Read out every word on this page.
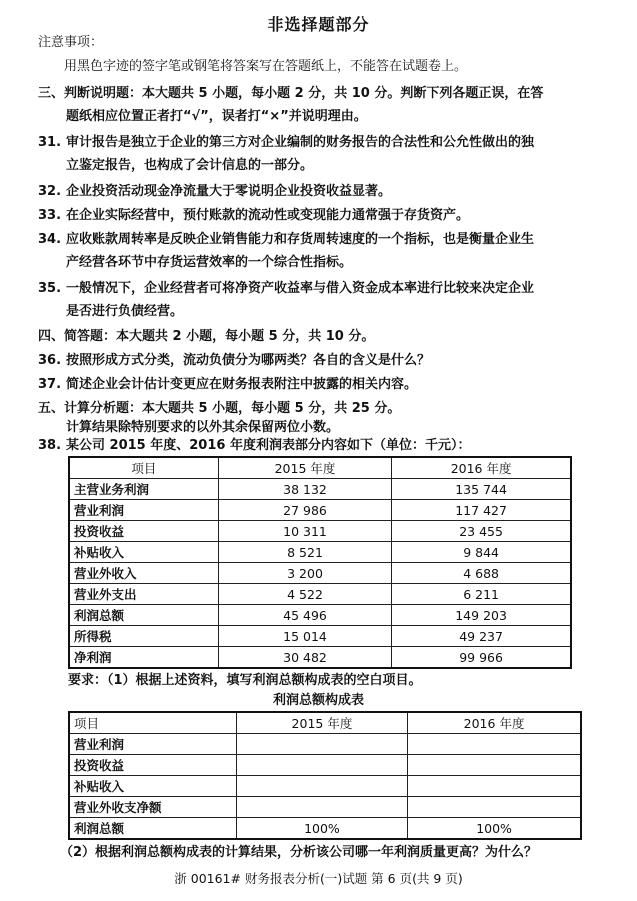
非选择题部分
注意事项：
用黑色字迹的签字笔或钢笔将答案写在答题纸上，不能答在试题卷上。
三、判断说明题：本大题共 5 小题，每小题 2 分，共 10 分。判断下列各题正误，在答
题纸相应位置正者打“√”，误者打“×”并说明理由。
31. 审计报告是独立于企业的第三方对企业编制的财务报告的合法性和公允性做出的独
立鉴定报告，也构成了会计信息的一部分。
32. 企业投资活动现金净流量大于零说明企业投资收益显著。
33. 在企业实际经营中，预付账款的流动性或变现能力通常强于存货资产。
34. 应收账款周转率是反映企业销售能力和存货周转速度的一个指标，也是衡量企业生
产经营各环节中存货运营效率的一个综合性指标。
35. 一般情况下，企业经营者可将净资产收益率与借入资金成本率进行比较来决定企业
是否进行负债经营。
四、简答题：本大题共 2 小题，每小题 5 分，共 10 分。
36. 按照形成方式分类，流动负债分为哪两类？各自的含义是什么？
37. 简述企业会计估计变更应在财务报表附注中披露的相关内容。
五、计算分析题：本大题共 5 小题，每小题 5 分，共 25 分。
计算结果除特别要求的以外其余保留两位小数。
38. 某公司 2015 年度、2016 年度利润表部分内容如下（单位：千元）：
项目	2015 年度	2016 年度
主营业务利润	38 132	135 744
营业利润	27 986	117 427
投资收益	10 311	23 455
补贴收入	8 521	9 844
营业外收入	3 200	4 688
营业外支出	4 522	6 211
利润总额	45 496	149 203
所得税	15 014	49 237
净利润	30 482	99 966
要求：（1）根据上述资料，填写利润总额构成表的空白项目。
利润总额构成表
项目	2015 年度	2016 年度
营业利润		
投资收益		
补贴收入		
营业外收支净额		
利润总额	100%	100%
（2）根据利润总额构成表的计算结果，分析该公司哪一年利润质量更高？为什么？
浙 00161# 财务报表分析(一)试题 第 6 页(共 9 页)
